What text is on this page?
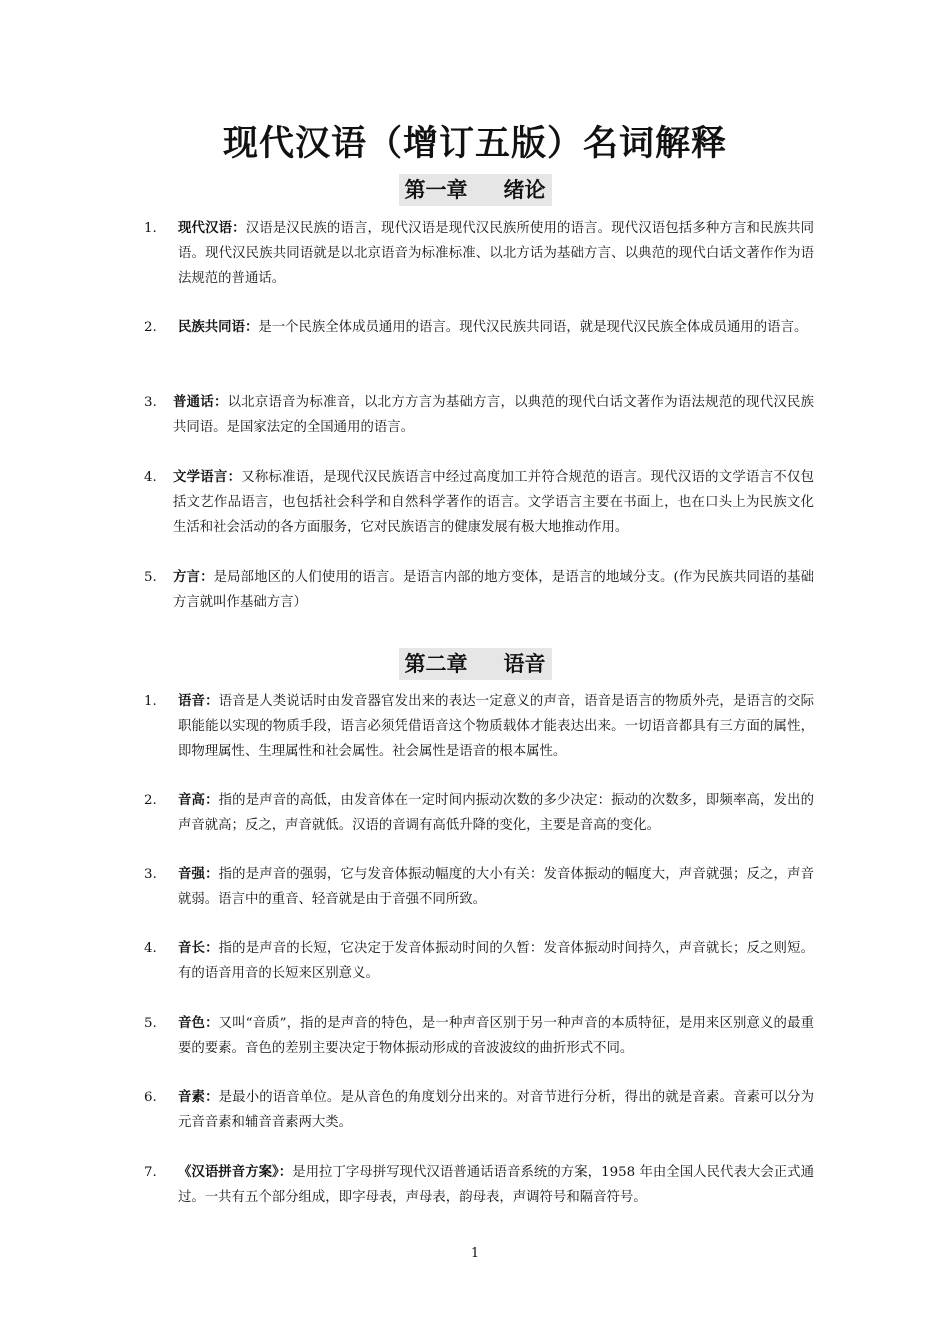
现代汉语（增订五版）名词解释
第一章 绪论
1.	现代汉语：汉语是汉民族的语言，现代汉语是现代汉民族所使用的语言。现代汉语包括多种方言和民族共同语。现代汉民族共同语就是以北京语音为标准标准、以北方话为基础方言、以典范的现代白话文著作作为语法规范的普通话。
2.	民族共同语：是一个民族全体成员通用的语言。现代汉民族共同语，就是现代汉民族全体成员通用的语言。
3.	普通话：以北京语音为标准音，以北方方言为基础方言，以典范的现代白话文著作为语法规范的现代汉民族共同语。是国家法定的全国通用的语言。
4.	文学语言：又称标准语，是现代汉民族语言中经过高度加工并符合规范的语言。现代汉语的文学语言不仅包括文艺作品语言，也包括社会科学和自然科学著作的语言。文学语言主要在书面上，也在口头上为民族文化生活和社会活动的各方面服务，它对民族语言的健康发展有极大地推动作用。
5.	方言：是局部地区的人们使用的语言。是语言内部的地方变体，是语言的地域分支。(作为民族共同语的基础方言就叫作基础方言）
第二章 语音
1.	语音：语音是人类说话时由发音器官发出来的表达一定意义的声音，语音是语言的物质外壳，是语言的交际职能能以实现的物质手段，语言必须凭借语音这个物质载体才能表达出来。一切语音都具有三方面的属性，即物理属性、生理属性和社会属性。社会属性是语音的根本属性。
2.	音高：指的是声音的高低，由发音体在一定时间内振动次数的多少决定：振动的次数多，即频率高，发出的声音就高；反之，声音就低。汉语的音调有高低升降的变化，主要是音高的变化。
3.	音强：指的是声音的强弱，它与发音体振动幅度的大小有关：发音体振动的幅度大，声音就强；反之，声音就弱。语言中的重音、轻音就是由于音强不同所致。
4.	音长：指的是声音的长短，它决定于发音体振动时间的久暂：发音体振动时间持久，声音就长；反之则短。有的语音用音的长短来区别意义。
5.	音色：又叫“音质”，指的是声音的特色，是一种声音区别于另一种声音的本质特征，是用来区别意义的最重要的要素。音色的差别主要决定于物体振动形成的音波波纹的曲折形式不同。
6.	音素：是最小的语音单位。是从音色的角度划分出来的。对音节进行分析，得出的就是音素。音素可以分为元音音素和辅音音素两大类。
7.	《汉语拼音方案》：是用拉丁字母拼写现代汉语普通话语音系统的方案，1958 年由全国人民代表大会正式通过。一共有五个部分组成，即字母表，声母表，韵母表，声调符号和隔音符号。
1
